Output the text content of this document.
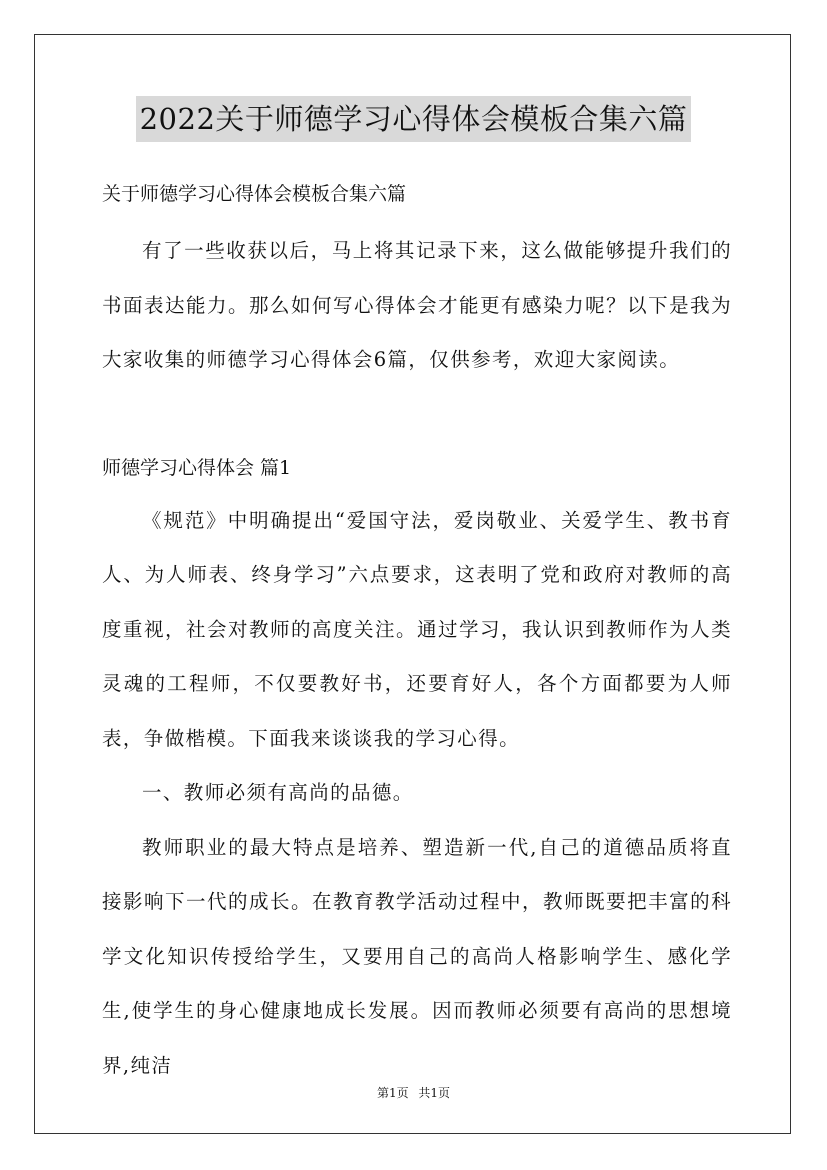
2022关于师德学习心得体会模板合集六篇

关于师德学习心得体会模板合集六篇

有了一些收获以后，马上将其记录下来，这么做能够提升我们的书面表达能力。那么如何写心得体会才能更有感染力呢？以下是我为大家收集的师德学习心得体会6篇，仅供参考，欢迎大家阅读。

师德学习心得体会 篇1

《规范》中明确提出“爱国守法，爱岗敬业、关爱学生、教书育人、为人师表、终身学习”六点要求，这表明了党和政府对教师的高度重视，社会对教师的高度关注。通过学习，我认识到教师作为人类灵魂的工程师，不仅要教好书，还要育好人，各个方面都要为人师表，争做楷模。下面我来谈谈我的学习心得。

一、教师必须有高尚的品德。

教师职业的最大特点是培养、塑造新一代,自己的道德品质将直接影响下一代的成长。在教育教学活动过程中，教师既要把丰富的科学文化知识传授给学生，又要用自己的高尚人格影响学生、感化学生,使学生的身心健康地成长发展。因而教师必须要有高尚的思想境界,纯洁

第1页 共1页
